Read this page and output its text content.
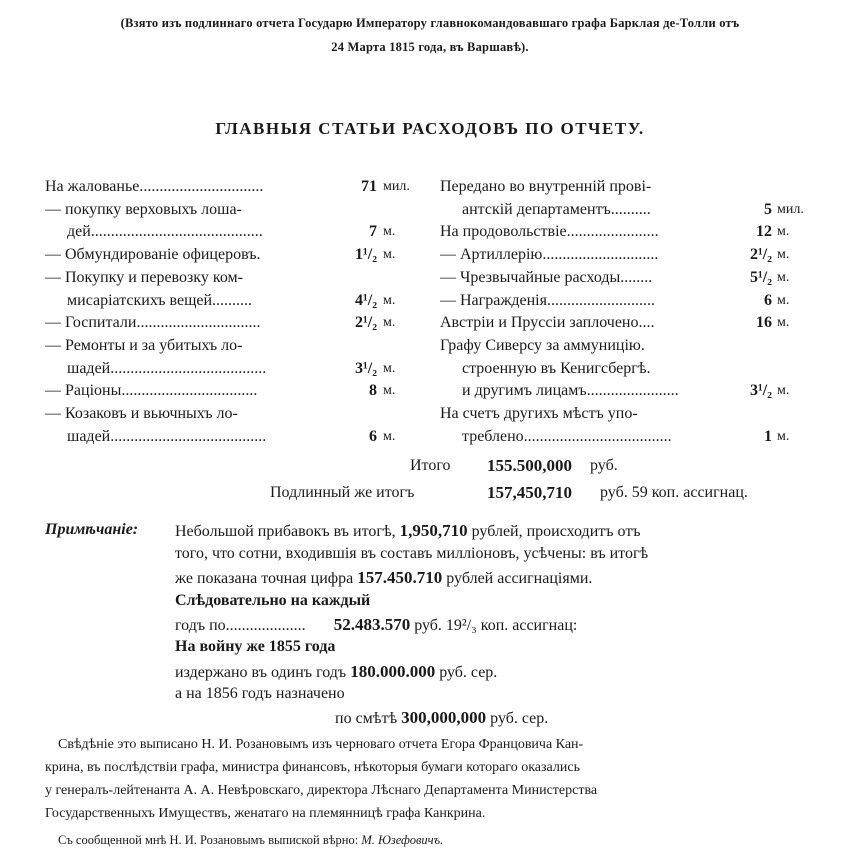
(Взято изъ подлиннаго отчета Государю Императору главнокомандовавшаго графа Барклая де-Толли отъ
24 Марта 1815 года, въ Варшавѣ).
ГЛАВНЫЯ СТАТЬИ РАСХОДОВЪ ПО ОТЧЕТУ.
На жалованье...............................	71 мил.
— покупку верховыхъ лоша-
дей...........................................	7 м.
— Обмундированіе офицеровъ.	1¹/₂ м.
— Покупку и перевозку ком-
мисаріатскихъ вещей..........	4¹/₂ м.
— Госпитали...............................	2¹/₂ м.
— Ремонты и за убитыхъ ло-
шадей.......................................	3¹/₂ м.
— Раціоны..................................	8 м.
— Козаковъ и вьючныхъ ло-
шадей.......................................	6 м.
Передано во внутренній прові-
антскій департаментъ..........	5 мил.
На продовольствіе.......................	12 м.
— Артиллерію.............................	2¹/₂ м.
— Чрезвычайные расходы........	5¹/₂ м.
— Награжденія...........................	6 м.
Австріи и Пруссіи заплочено....	16 м.
Графу Сиверсу за аммуницію.
строенную въ Кенигсбергѣ.
и другимъ лицамъ.......................	3¹/₂ м.
На счетъ другихъ мѣстъ упо-
треблено.....................................	1 м.
Итого 155.500,000 руб.
Подлинный же итогъ	157,450,710 руб. 59 коп. ассигнац.
Примѣчаніе: Небольшой прибавокъ въ итогѣ, 1,950,710 рублей, происходитъ отъ
того, что сотни, входившія въ составъ милліоновъ, усѣчены: въ итогѣ
же показана точная цифра 157.450.710 рублей ассигнаціями.
Слѣдовательно на каждый
годъ по.................... 52.483.570 руб. 19²/₃ коп. ассигнац:
На войну же 1855 года
издержано въ одинъ годъ 180.000.000 руб. сер.
а на 1856 годъ назначено
по смѣтѣ 300,000,000 руб. сер.
Свѣдѣніе это выписано Н. И. Розановымъ изъ черноваго отчета Егора Францовича Кан-
крина, въ послѣдствіи графа, министра финансовъ, нѣкоторыя бумаги котораго оказались
у генералъ-лейтенанта А. А. Невѣровскаго, директора Лѣснаго Департамента Министерства
Государственныхъ Имуществъ, женатаго на племянницѣ графа Канкрина.
Съ сообщенной мнѣ Н. И. Розановымъ выпиской вѣрно: М. Юзефовичъ.
